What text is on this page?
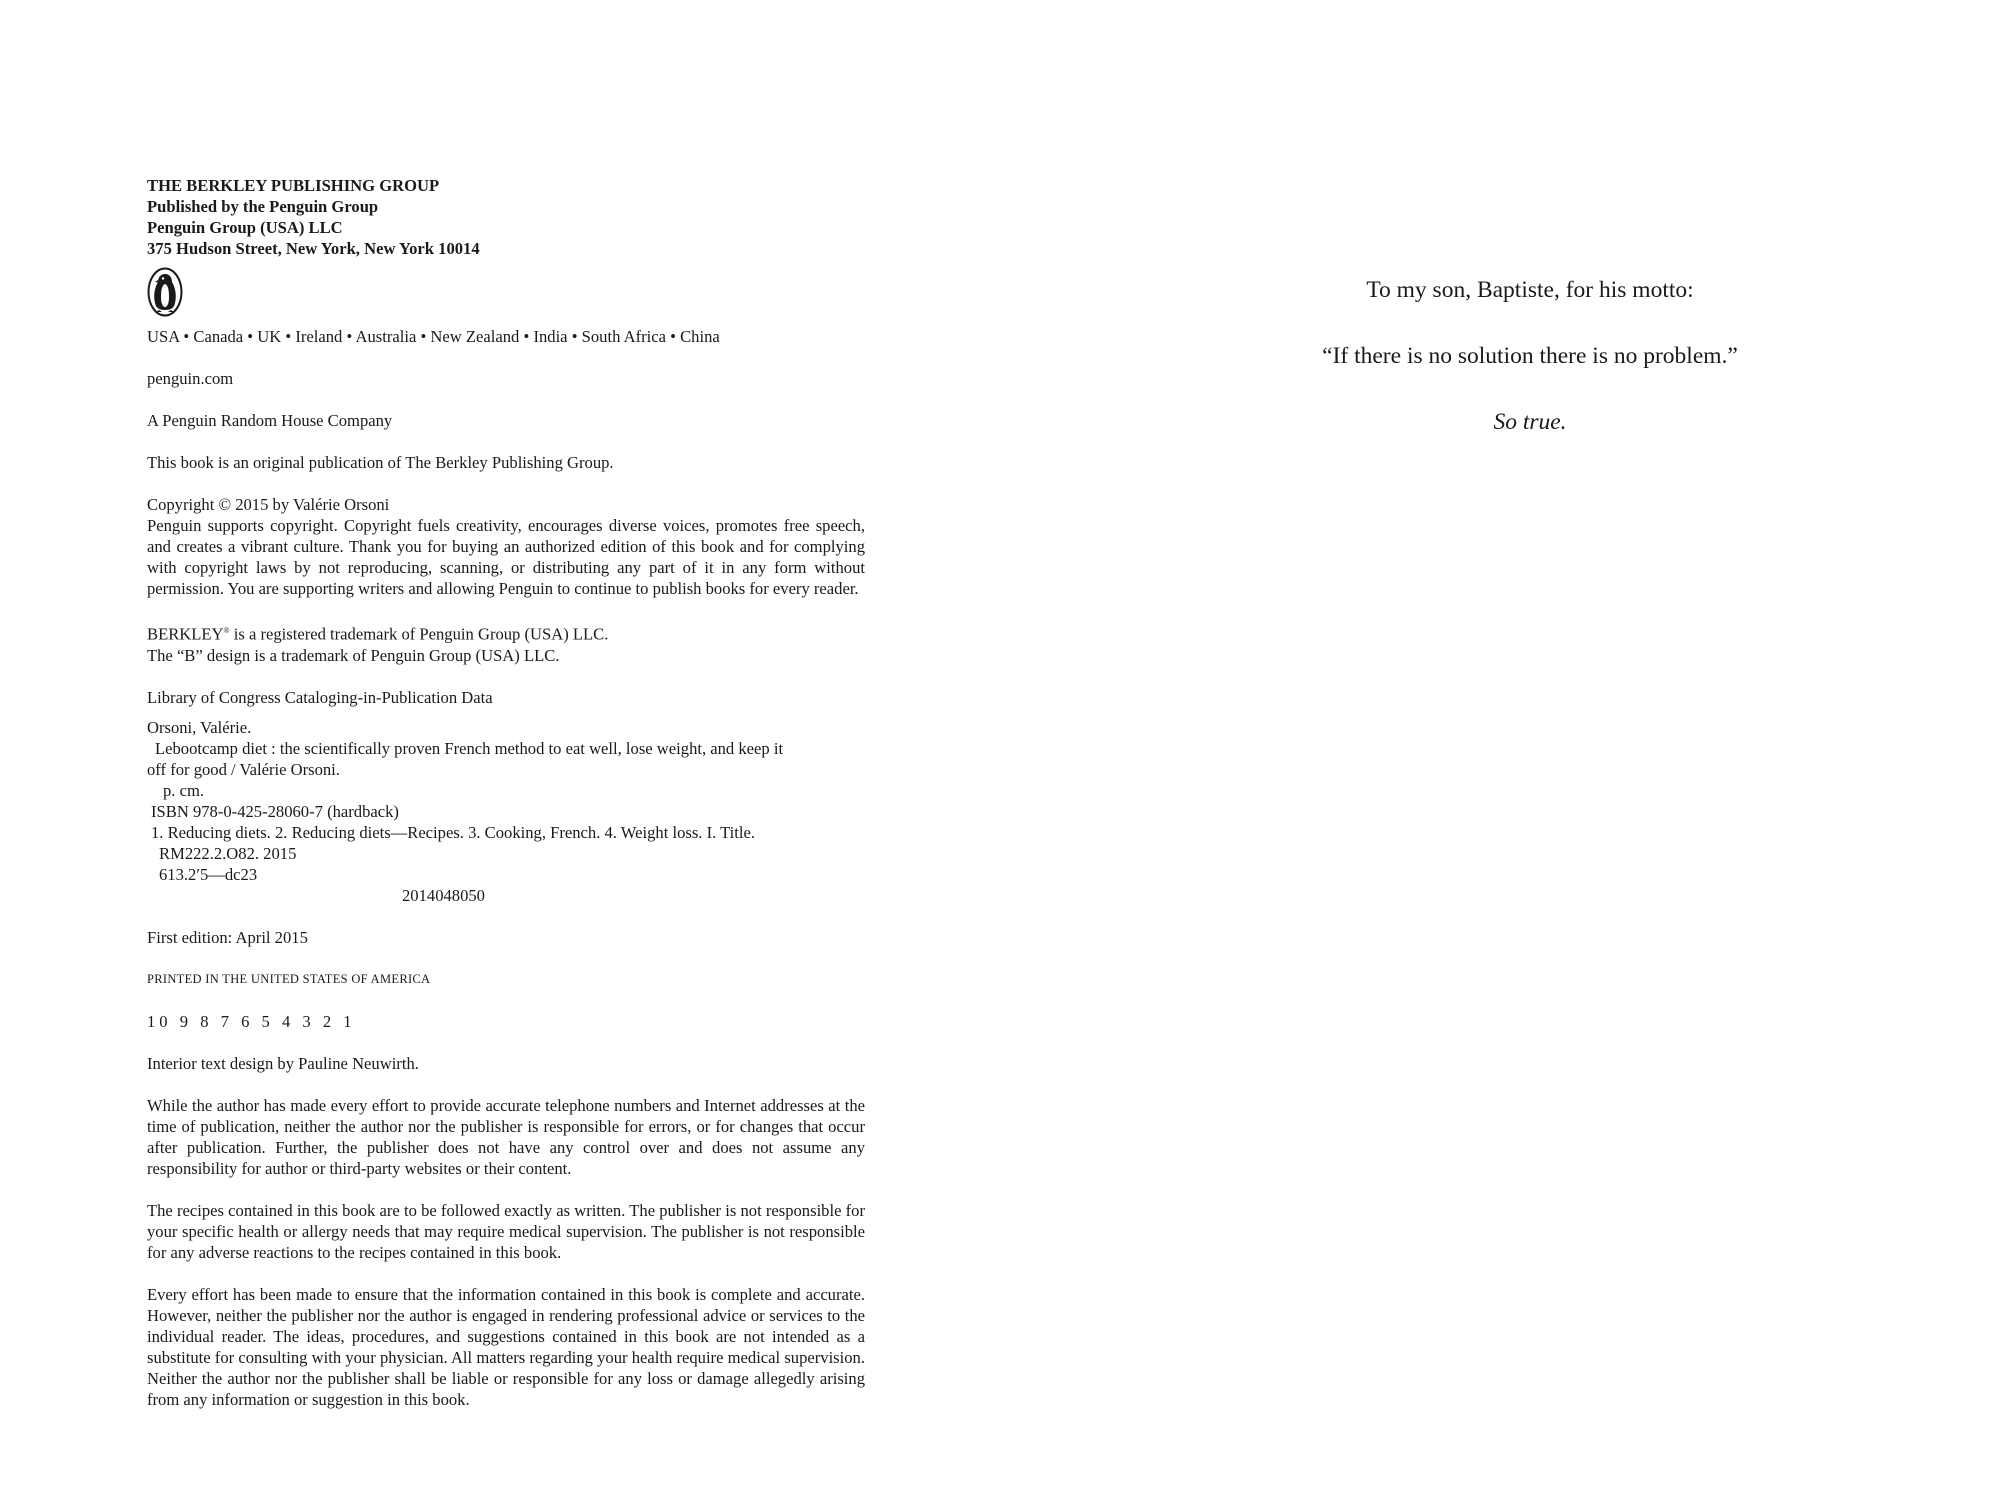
THE BERKLEY PUBLISHING GROUP
Published by the Penguin Group
Penguin Group (USA) LLC
375 Hudson Street, New York, New York 10014
USA • Canada • UK • Ireland • Australia • New Zealand • India • South Africa • China
penguin.com
A Penguin Random House Company
This book is an original publication of The Berkley Publishing Group.
Copyright © 2015 by Valérie Orsoni
Penguin supports copyright. Copyright fuels creativity, encourages diverse voices, promotes free speech, and creates a vibrant culture. Thank you for buying an authorized edition of this book and for complying with copyright laws by not reproducing, scanning, or distributing any part of it in any form without permission. You are supporting writers and allowing Penguin to continue to publish books for every reader.
BERKLEY® is a registered trademark of Penguin Group (USA) LLC.
The “B” design is a trademark of Penguin Group (USA) LLC.
Library of Congress Cataloging-in-Publication Data
Orsoni, Valérie.
Lebootcamp diet : the scientifically proven French method to eat well, lose weight, and keep it
off for good / Valérie Orsoni.
p. cm.
ISBN 978-0-425-28060-7 (hardback)
1. Reducing diets. 2. Reducing diets—Recipes. 3. Cooking, French. 4. Weight loss. I. Title.
RM222.2.O82. 2015
613.2′5—dc23
2014048050
First edition: April 2015
PRINTED IN THE UNITED STATES OF AMERICA
10 9 8 7 6 5 4 3 2 1
Interior text design by Pauline Neuwirth.
While the author has made every effort to provide accurate telephone numbers and Internet addresses at the time of publication, neither the author nor the publisher is responsible for errors, or for changes that occur after publication. Further, the publisher does not have any control over and does not assume any responsibility for author or third-party websites or their content.
The recipes contained in this book are to be followed exactly as written. The publisher is not responsible for your specific health or allergy needs that may require medical supervision. The publisher is not responsible for any adverse reactions to the recipes contained in this book.
Every effort has been made to ensure that the information contained in this book is complete and accurate. However, neither the publisher nor the author is engaged in rendering professional advice or services to the individual reader. The ideas, procedures, and suggestions contained in this book are not intended as a substitute for consulting with your physician. All matters regarding your health require medical supervision. Neither the author nor the publisher shall be liable or responsible for any loss or damage allegedly arising from any information or suggestion in this book.
To my son, Baptiste, for his motto:
“If there is no solution there is no problem.”
So true.
